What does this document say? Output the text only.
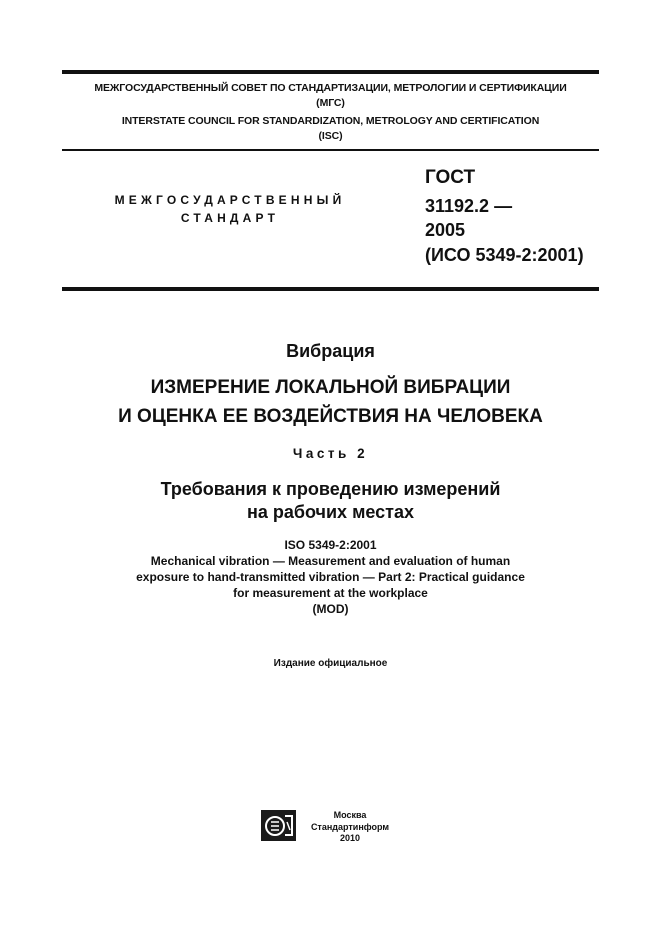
МЕЖГОСУДАРСТВЕННЫЙ СОВЕТ ПО СТАНДАРТИЗАЦИИ, МЕТРОЛОГИИ И СЕРТИФИКАЦИИ
(МГС)
INTERSTATE COUNCIL FOR STANDARDIZATION, METROLOGY AND CERTIFICATION
(ISC)
МЕЖГОСУДАРСТВЕННЫЙ
СТАНДАРТ
ГОСТ
31192.2 —
2005
(ИСО 5349-2:2001)
Вибрация
ИЗМЕРЕНИЕ ЛОКАЛЬНОЙ ВИБРАЦИИ
И ОЦЕНКА ЕЕ ВОЗДЕЙСТВИЯ НА ЧЕЛОВЕКА
Часть 2
Требования к проведению измерений
на рабочих местах
ISO 5349-2:2001
Mechanical vibration — Measurement and evaluation of human
exposure to hand-transmitted vibration — Part 2: Practical guidance
for measurement at the workplace
(MOD)
Издание официальное
Москва
Стандартинформ
2010
